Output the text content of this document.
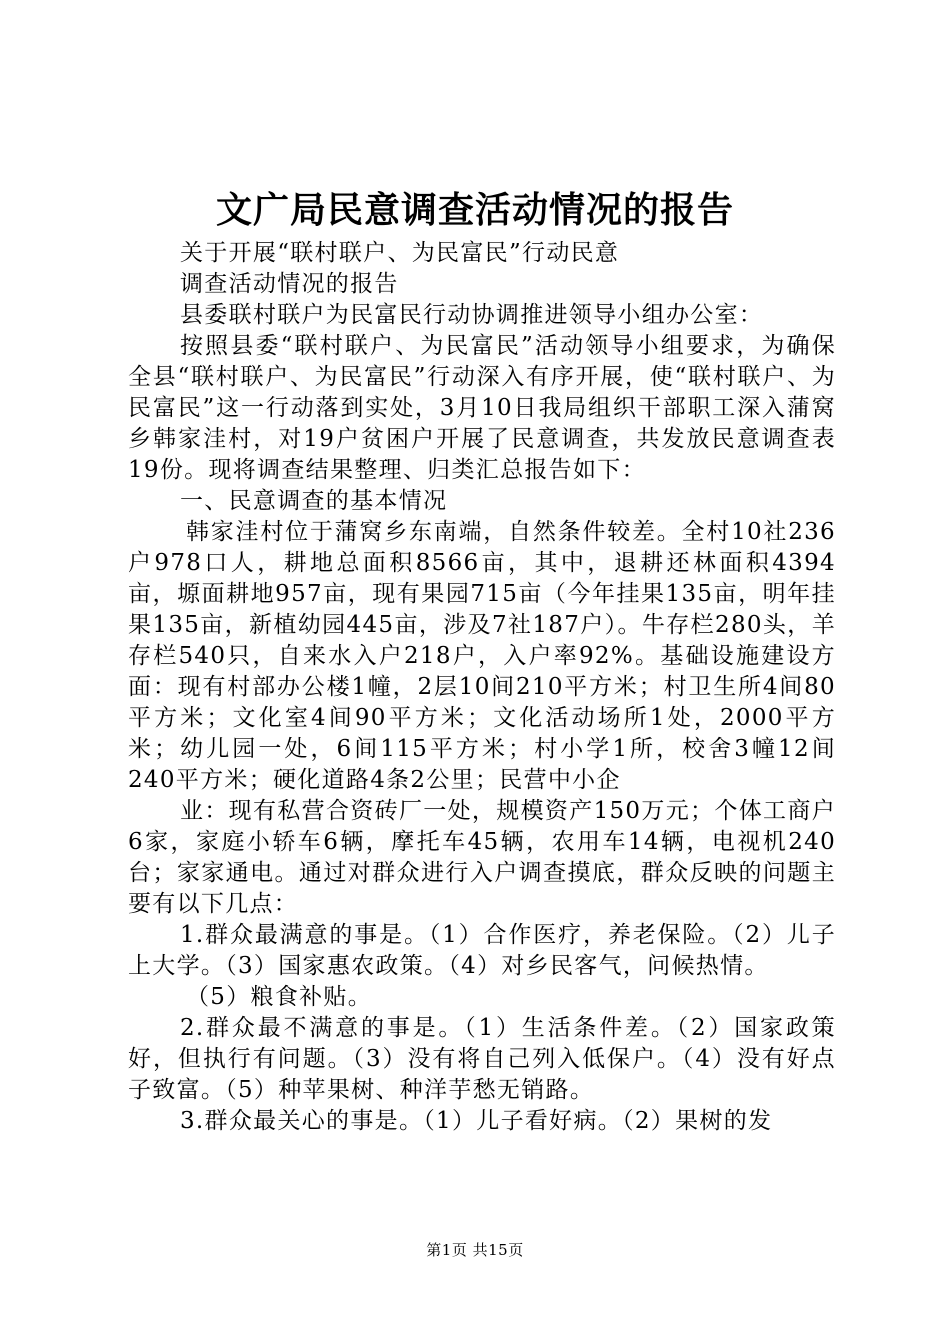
文广局民意调查活动情况的报告

关于开展“联村联户、为民富民”行动民意

调查活动情况的报告

县委联村联户为民富民行动协调推进领导小组办公室：

按照县委“联村联户、为民富民”活动领导小组要求，为确保全县“联村联户、为民富民”行动深入有序开展，使“联村联户、为民富民”这一行动落到实处，3月10日我局组织干部职工深入蒲窝乡韩家洼村，对19户贫困户开展了民意调查，共发放民意调查表19份。现将调查结果整理、归类汇总报告如下：

一、民意调查的基本情况

韩家洼村位于蒲窝乡东南端，自然条件较差。全村10社236户978口人，耕地总面积8566亩，其中，退耕还林面积4394亩，塬面耕地957亩，现有果园715亩（今年挂果135亩，明年挂果135亩，新植幼园445亩，涉及7社187户）。牛存栏280头，羊存栏540只，自来水入户218户，入户率92%。基础设施建设方面：现有村部办公楼1幢，2层10间210平方米；村卫生所4间80平方米；文化室4间90平方米；文化活动场所1处，2000平方米；幼儿园一处，6间115平方米；村小学1所，校舍3幢12间240平方米；硬化道路4条2公里；民营中小企

业：现有私营合资砖厂一处，规模资产150万元；个体工商户6家，家庭小轿车6辆，摩托车45辆，农用车14辆，电视机240台；家家通电。通过对群众进行入户调查摸底，群众反映的问题主要有以下几点：

1.群众最满意的事是。（1）合作医疗，养老保险。（2）儿子上大学。（3）国家惠农政策。（4）对乡民客气，问候热情。

（5）粮食补贴。

2.群众最不满意的事是。（1）生活条件差。（2）国家政策好，但执行有问题。（3）没有将自己列入低保户。（4）没有好点子致富。（5）种苹果树、种洋芋愁无销路。

3.群众最关心的事是。（1）儿子看好病。（2）果树的发

第1页 共15页
